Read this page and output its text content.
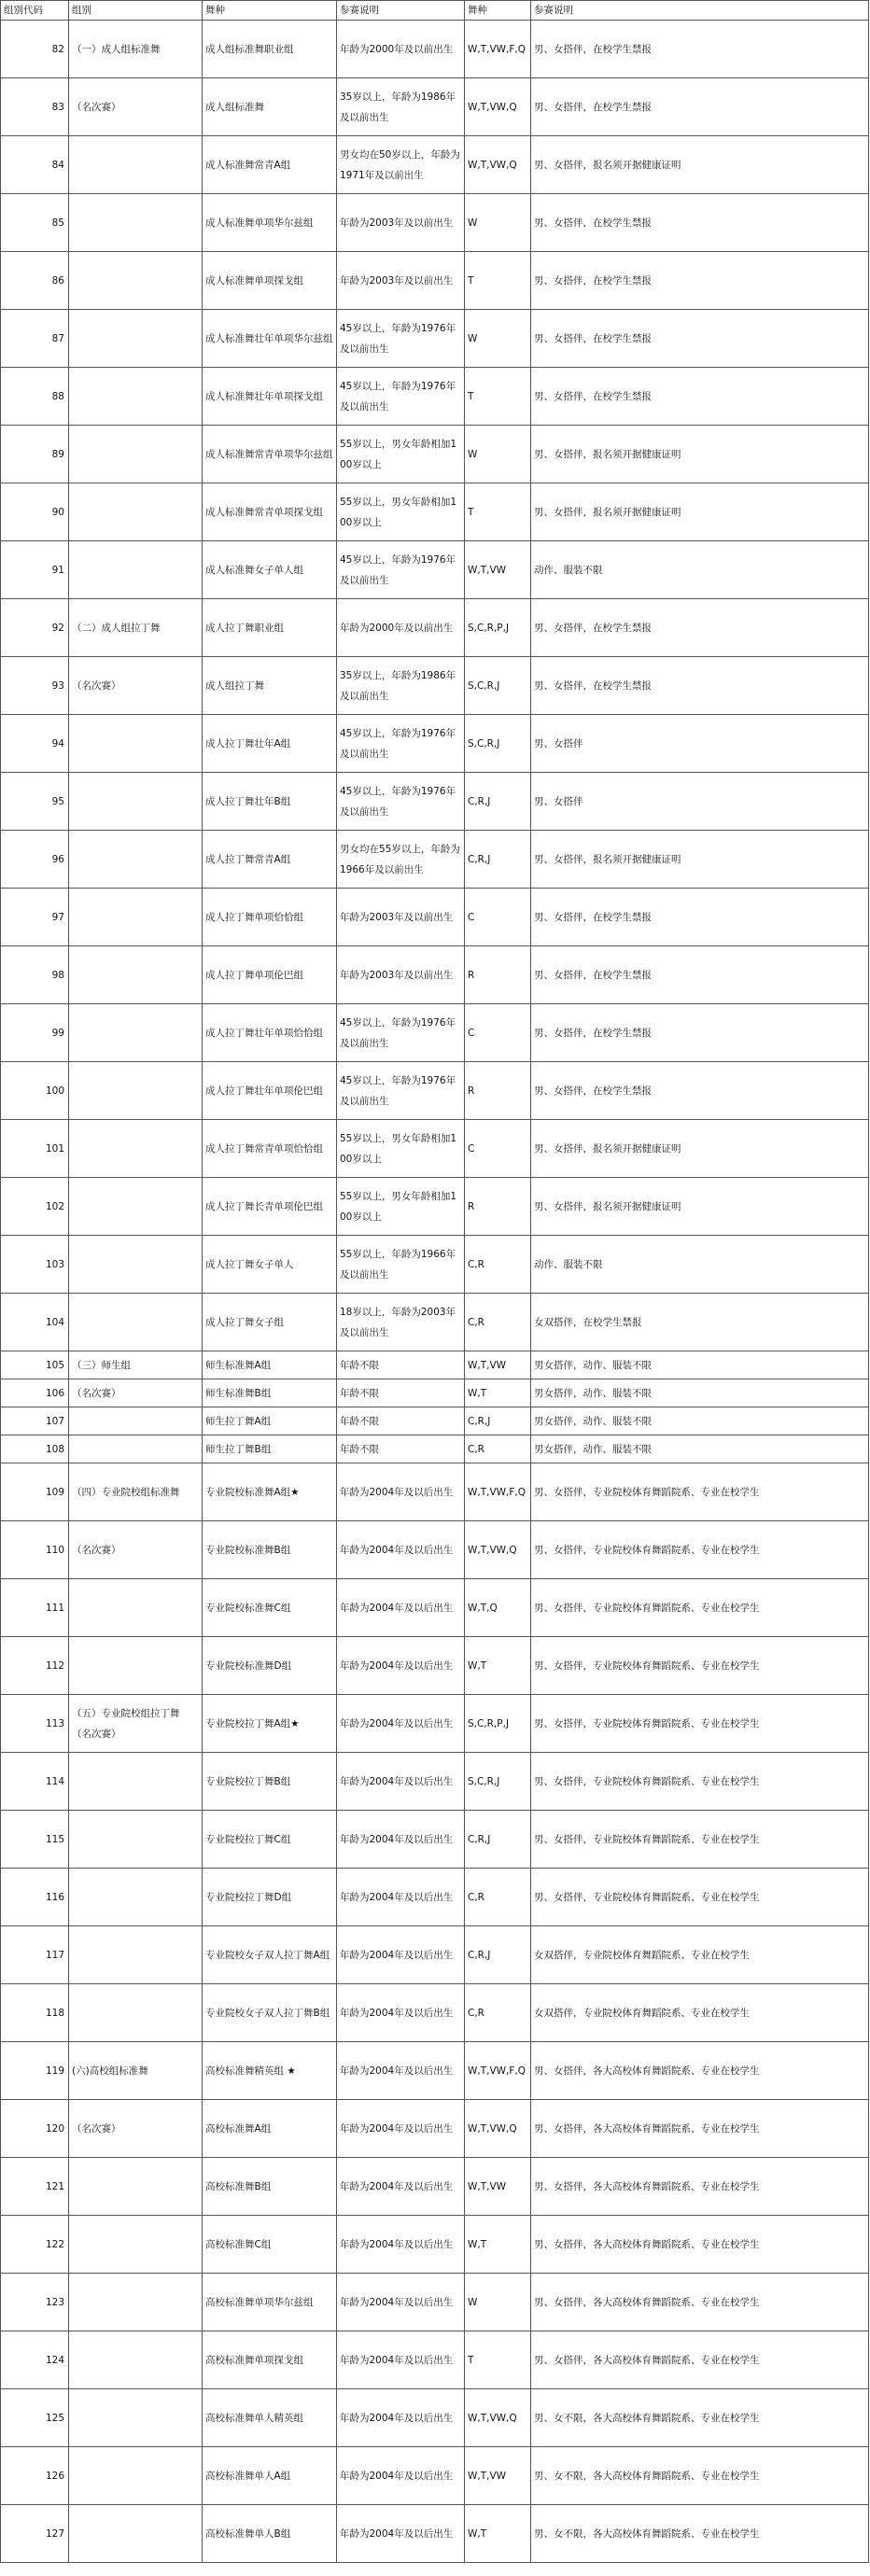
组别代码	组别	舞种	参赛说明	舞种	参赛说明
82	（一）成人组标准舞	成人组标准舞职业组	年龄为2000年及以前出生	W,T,VW,F,Q	男、女搭伴，在校学生禁报
83	（名次赛）	成人组标准舞	35岁以上，年龄为1986年及以前出生	W,T,VW,Q	男、女搭伴，在校学生禁报
84		成人标准舞常青A组	男女均在50岁以上，年龄为1971年及以前出生	W,T,VW,Q	男、女搭伴，报名须开据健康证明
85		成人标准舞单项华尔兹组	年龄为2003年及以前出生	W	男、女搭伴，在校学生禁报
86		成人标准舞单项探戈组	年龄为2003年及以前出生	T	男、女搭伴，在校学生禁报
87		成人标准舞壮年单项华尔兹组	45岁以上，年龄为1976年及以前出生	W	男、女搭伴，在校学生禁报
88		成人标准舞壮年单项探戈组	45岁以上，年龄为1976年及以前出生	T	男、女搭伴，在校学生禁报
89		成人标准舞常青单项华尔兹组	55岁以上，男女年龄相加100岁以上	W	男、女搭伴，报名须开据健康证明
90		成人标准舞常青单项探戈组	55岁以上，男女年龄相加100岁以上	T	男、女搭伴，报名须开据健康证明
91		成人标准舞女子单人组	45岁以上，年龄为1976年及以前出生	W,T,VW	动作、服装不限
92	（二）成人组拉丁舞	成人拉丁舞职业组	年龄为2000年及以前出生	S,C,R,P,J	男、女搭伴，在校学生禁报
93	（名次赛）	成人组拉丁舞	35岁以上，年龄为1986年及以前出生	S,C,R,J	男、女搭伴，在校学生禁报
94		成人拉丁舞壮年A组	45岁以上，年龄为1976年及以前出生	S,C,R,J	男、女搭伴
95		成人拉丁舞壮年B组	45岁以上，年龄为1976年及以前出生	C,R,J	男、女搭伴
96		成人拉丁舞常青A组	男女均在55岁以上，年龄为1966年及以前出生	C,R,J	男、女搭伴，报名须开据健康证明
97		成人拉丁舞单项恰恰组	年龄为2003年及以前出生	C	男、女搭伴，在校学生禁报
98		成人拉丁舞单项伦巴组	年龄为2003年及以前出生	R	男、女搭伴，在校学生禁报
99		成人拉丁舞壮年单项恰恰组	45岁以上，年龄为1976年及以前出生	C	男、女搭伴，在校学生禁报
100		成人拉丁舞壮年单项伦巴组	45岁以上，年龄为1976年及以前出生	R	男、女搭伴，在校学生禁报
101		成人拉丁舞常青单项恰恰组	55岁以上，男女年龄相加100岁以上	C	男、女搭伴，报名须开据健康证明
102		成人拉丁舞长青单项伦巴组	55岁以上，男女年龄相加100岁以上	R	男、女搭伴，报名须开据健康证明
103		成人拉丁舞女子单人	55岁以上，年龄为1966年及以前出生	C,R	动作、服装不限
104		成人拉丁舞女子组	18岁以上，年龄为2003年及以前出生	C,R	女双搭伴，在校学生禁报
105	（三）师生组	师生标准舞A组	年龄不限	W,T,VW	男女搭伴，动作、服装不限
106	（名次赛）	师生标准舞B组	年龄不限	W,T	男女搭伴，动作、服装不限
107		师生拉丁舞A组	年龄不限	C,R,J	男女搭伴，动作、服装不限
108		师生拉丁舞B组	年龄不限	C,R	男女搭伴，动作、服装不限
109	（四）专业院校组标准舞	专业院校标准舞A组★	年龄为2004年及以后出生	W,T,VW,F,Q	男、女搭伴，专业院校体育舞蹈院系、专业在校学生
110	（名次赛）	专业院校标准舞B组	年龄为2004年及以后出生	W,T,VW,Q	男、女搭伴，专业院校体育舞蹈院系、专业在校学生
111		专业院校标准舞C组	年龄为2004年及以后出生	W,T,Q	男、女搭伴，专业院校体育舞蹈院系、专业在校学生
112		专业院校标准舞D组	年龄为2004年及以后出生	W,T	男、女搭伴，专业院校体育舞蹈院系、专业在校学生
113	（五）专业院校组拉丁舞（名次赛）	专业院校拉丁舞A组★	年龄为2004年及以后出生	S,C,R,P,J	男、女搭伴，专业院校体育舞蹈院系、专业在校学生
114		专业院校拉丁舞B组	年龄为2004年及以后出生	S,C,R,J	男、女搭伴，专业院校体育舞蹈院系、专业在校学生
115		专业院校拉丁舞C组	年龄为2004年及以后出生	C,R,J	男、女搭伴，专业院校体育舞蹈院系、专业在校学生
116		专业院校拉丁舞D组	年龄为2004年及以后出生	C,R	男、女搭伴，专业院校体育舞蹈院系、专业在校学生
117		专业院校女子双人拉丁舞A组	年龄为2004年及以后出生	C,R,J	女双搭伴，专业院校体育舞蹈院系、专业在校学生
118		专业院校女子双人拉丁舞B组	年龄为2004年及以后出生	C,R	女双搭伴，专业院校体育舞蹈院系、专业在校学生
119	(六)高校组标准舞	高校标准舞精英组 ★	年龄为2004年及以后出生	W,T,VW,F,Q	男、女搭伴，各大高校体育舞蹈院系、专业在校学生
120	（名次赛）	高校标准舞A组	年龄为2004年及以后出生	W,T,VW,Q	男、女搭伴，各大高校体育舞蹈院系、专业在校学生
121		高校标准舞B组	年龄为2004年及以后出生	W,T,VW	男、女搭伴，各大高校体育舞蹈院系、专业在校学生
122		高校标准舞C组	年龄为2004年及以后出生	W,T	男、女搭伴，各大高校体育舞蹈院系、专业在校学生
123		高校标准舞单项华尔兹组	年龄为2004年及以后出生	W	男、女搭伴，各大高校体育舞蹈院系、专业在校学生
124		高校标准舞单项探戈组	年龄为2004年及以后出生	T	男、女搭伴，各大高校体育舞蹈院系、专业在校学生
125		高校标准舞单人精英组	年龄为2004年及以后出生	W,T,VW,Q	男、女不限，各大高校体育舞蹈院系、专业在校学生
126		高校标准舞单人A组	年龄为2004年及以后出生	W,T,VW	男、女不限，各大高校体育舞蹈院系、专业在校学生
127		高校标准舞单人B组	年龄为2004年及以后出生	W,T	男、女不限，各大高校体育舞蹈院系、专业在校学生
